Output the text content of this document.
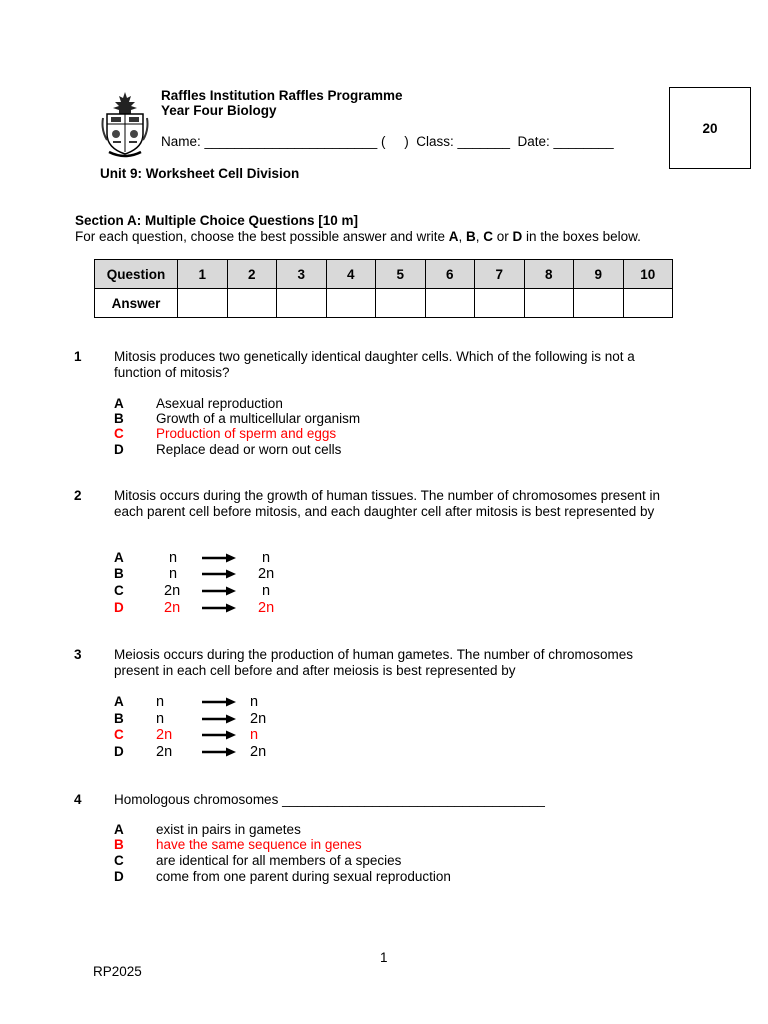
Raffles Institution Raffles Programme
Year Four Biology
Name: _______________________ (     )  Class: _______  Date: ________
Unit 9: Worksheet Cell Division
20
Section A: Multiple Choice Questions [10 m]
For each question, choose the best possible answer and write A, B, C or D in the boxes below.
Question	1	2	3	4	5	6	7	8	9	10
Answer										
1 Mitosis produces two genetically identical daughter cells. Which of the following is not a function of mitosis?
A Asexual reproduction
B Growth of a multicellular organism
C Production of sperm and eggs
D Replace dead or worn out cells
2 Mitosis occurs during the growth of human tissues. The number of chromosomes present in each parent cell before mitosis, and each daughter cell after mitosis is best represented by
A	n	n
B	n	2n
C	2n	n
D	2n	2n
3 Meiosis occurs during the production of human gametes. The number of chromosomes present in each cell before and after meiosis is best represented by
A n	n
B n	2n
C 2n	n
D 2n	2n
4 Homologous chromosomes ___________________________________
A exist in pairs in gametes
B have the same sequence in genes
C are identical for all members of a species
D come from one parent during sexual reproduction
1
RP2025
